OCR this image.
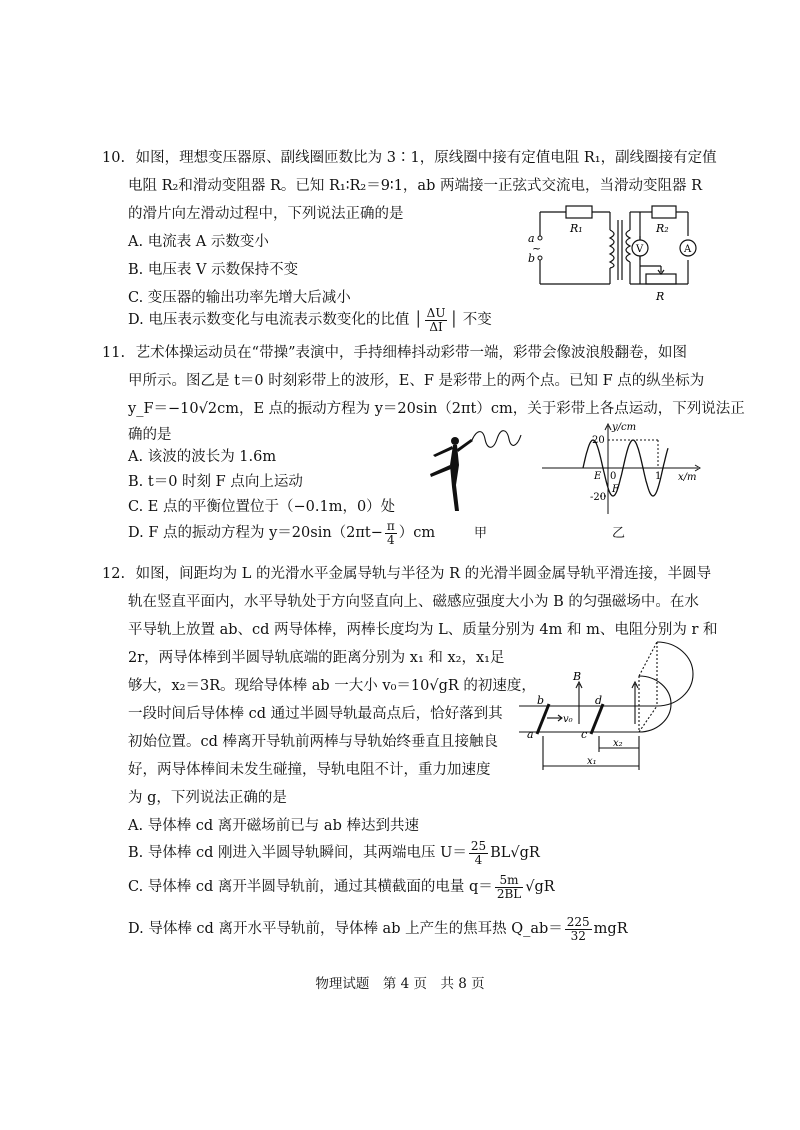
10. 如图，理想变压器原、副线圈匝数比为 3∶1，原线圈中接有定值电阻 R₁，副线圈接有定值
电阻 R₂和滑动变阻器 R。已知 R₁∶R₂＝9∶1，ab 两端接一正弦式交流电，当滑动变阻器 R
的滑片向左滑动过程中，下列说法正确的是
A. 电流表 A 示数变小
B. 电压表 V 示数保持不变
C. 变压器的输出功率先增大后减小
D. 电压表示数变化与电流表示数变化的比值 │ $\frac{\Delta U}{\Delta I}$ │ 不变
R₁	R₂
R
a
b
~	V	A
11. 艺术体操运动员在“带操”表演中，手持细棒抖动彩带一端，彩带会像波浪般翻卷，如图
甲所示。图乙是 t＝0 时刻彩带上的波形，E、F 是彩带上的两个点。已知 F 点的纵坐标为
y_F＝−10√2cm，E 点的振动方程为 y＝20sin（2πt）cm，关于彩带上各点运动，下列说法正
确的是
A. 该波的波长为 1.6m
B. t＝0 时刻 F 点向上运动
C. E 点的平衡位置位于（−0.1m，0）处
D. F 点的振动方程为 $y=20\sin(2\pi t- \frac{\pi}{4} )cm$	甲
y/cm
x/m
20
-20
0	1
E
F
乙
12. 如图，间距均为 L 的光滑水平金属导轨与半径为 R 的光滑半圆金属导轨平滑连接，半圆导
轨在竖直平面内，水平导轨处于方向竖直向上、磁感应强度大小为 B 的匀强磁场中。在水
平导轨上放置 ab、cd 两导体棒，两棒长度均为 L、质量分别为 4m 和 m、电阻分别为 r 和
2r，两导体棒到半圆导轨底端的距离分别为 x₁ 和 x₂，x₁足
够大，x₂＝3R。现给导体棒 ab 一大小 v₀＝10√gR 的初速度，
一段时间后导体棒 cd 通过半圆导轨最高点后，恰好落到其
初始位置。cd 棒离开导轨前两棒与导轨始终垂直且接触良
好，两导体棒间未发生碰撞，导轨电阻不计，重力加速度
为 g，下列说法正确的是
A. 导体棒 cd 离开磁场前已与 ab 棒达到共速
B. 导体棒 cd 刚进入半圆导轨瞬间，其两端电压 $U= \frac{25}{4} BL√gR$
C. 导体棒 cd 离开半圆导轨前，通过其横截面的电量 $q= \frac{5m}{2BL} √gR$
D. 导体棒 cd 离开水平导轨前，导体棒 ab 上产生的焦耳热 Q_ab＝ $\frac{225}{32}$ mgR
B
a
b
c
d
v₀
x₂
x₁
物理试题　第 4 页　共 8 页
